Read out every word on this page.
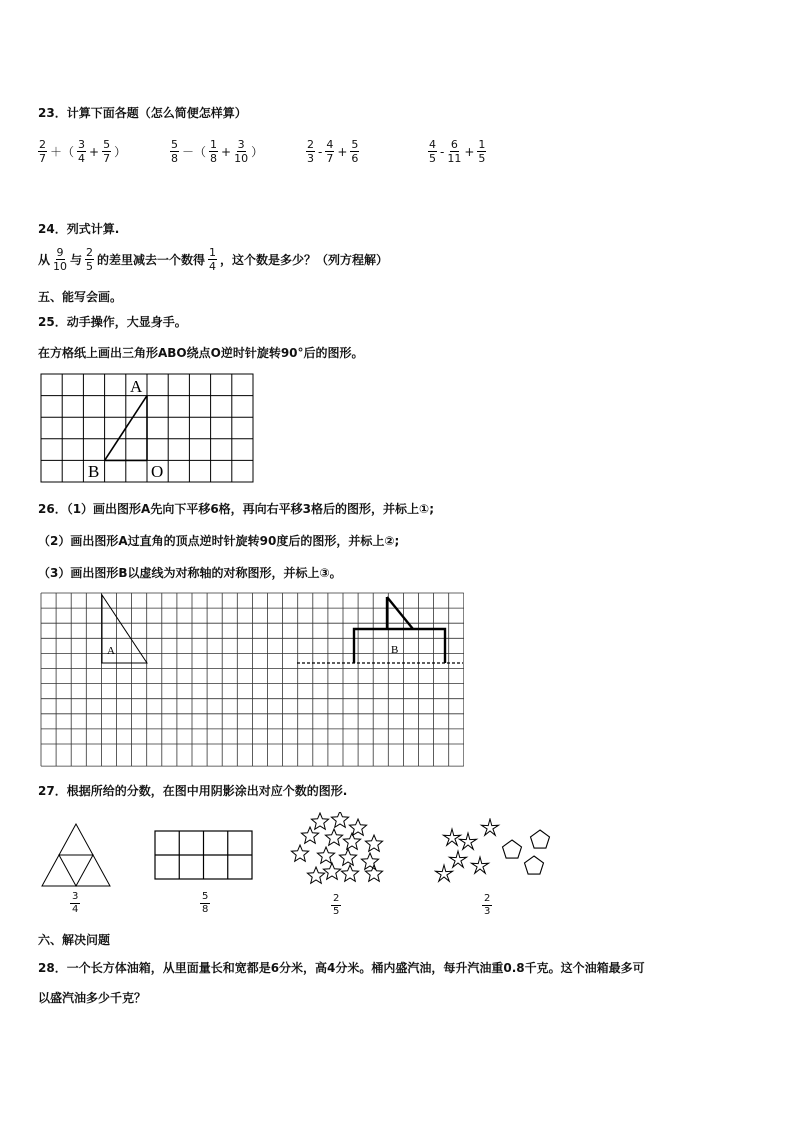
23．计算下面各题（怎么简便怎样算）
$\frac{2}{7}$ ＋（ $\frac{3}{4} + \frac{5}{7}$ ）	$\frac{5}{8}$ －（ $\frac{1}{8} + \frac{3}{10}$ ）	$\frac{2}{3} - \frac{4}{7} + \frac{5}{6}$	$\frac{4}{5} - \frac{6}{11} + \frac{1}{5}$
24．列式计算.
从 $\frac{9}{10}$ 与 $\frac{2}{5}$ 的差里减去一个数得 $\frac{1}{4}$ ，这个数是多少？（列方程解）
五、能写会画。
25．动手操作，大显身手。
在方格纸上画出三角形ABO绕点O逆时针旋转90°后的图形。
A
B	O
26．（1）画出图形A先向下平移6格，再向右平移3格后的图形，并标上①;
（2）画出图形A过直角的顶点逆时针旋转90度后的图形，并标上②;
（3）画出图形B以虚线为对称轴的对称图形，并标上③。
A	B
27．根据所给的分数，在图中用阴影涂出对应个数的图形.
$\frac{3}{4}$	$\frac{5}{8}$	$\frac{2}{5}$	$\frac{2}{3}$
六、解决问题
28．一个长方体油箱，从里面量长和宽都是6分米，高4分米。桶内盛汽油，每升汽油重0.8千克。这个油箱最多可
以盛汽油多少千克？
